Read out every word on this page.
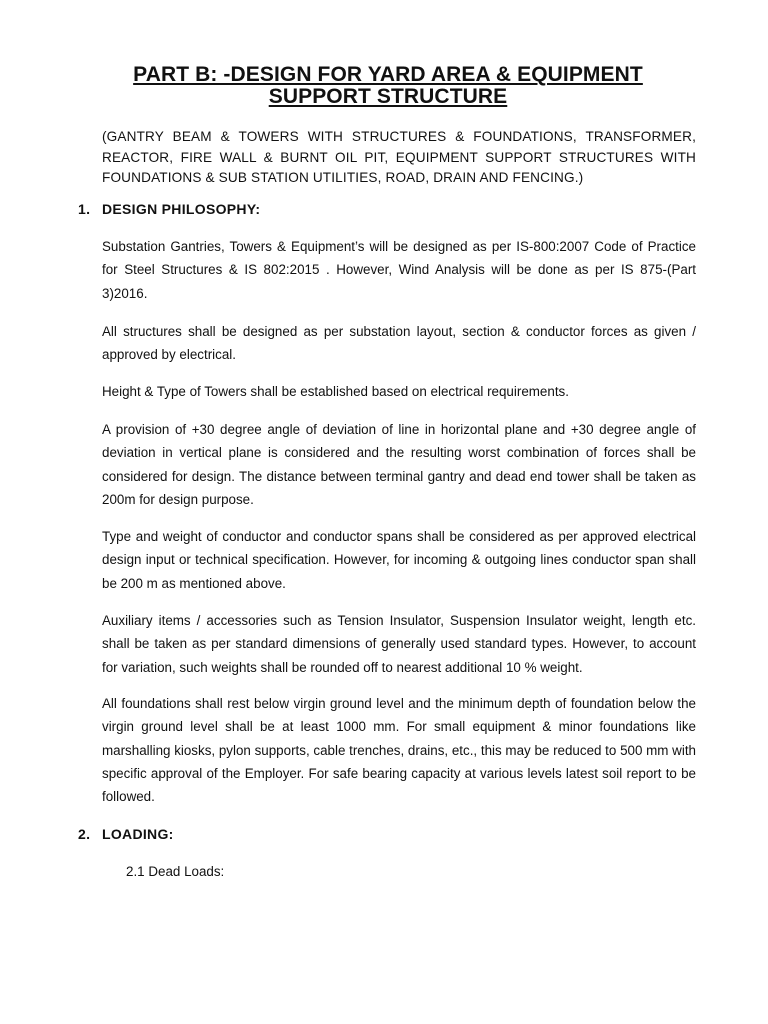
PART B: -DESIGN FOR YARD AREA & EQUIPMENT
SUPPORT STRUCTURE
(GANTRY BEAM & TOWERS WITH STRUCTURES & FOUNDATIONS, TRANSFORMER, REACTOR, FIRE WALL & BURNT OIL PIT, EQUIPMENT SUPPORT STRUCTURES WITH FOUNDATIONS & SUB STATION UTILITIES, ROAD, DRAIN AND FENCING.)
1. DESIGN PHILOSOPHY:
Substation Gantries, Towers & Equipment’s will be designed as per IS-800:2007 Code of Practice for Steel Structures & IS 802:2015 . However, Wind Analysis will be done as per IS 875-(Part 3)2016.
All structures shall be designed as per substation layout, section & conductor forces as given / approved by electrical.
Height & Type of Towers shall be established based on electrical requirements.
A provision of +30 degree angle of deviation of line in horizontal plane and +30 degree angle of deviation in vertical plane is considered and the resulting worst combination of forces shall be considered for design. The distance between terminal gantry and dead end tower shall be taken as 200m for design purpose.
Type and weight of conductor and conductor spans shall be considered as per approved electrical design input or technical specification. However, for incoming & outgoing lines conductor span shall be 200 m as mentioned above.
Auxiliary items / accessories such as Tension Insulator, Suspension Insulator weight, length etc. shall be taken as per standard dimensions of generally used standard types. However, to account for variation, such weights shall be rounded off to nearest additional 10 % weight.
All foundations shall rest below virgin ground level and the minimum depth of foundation below the virgin ground level shall be at least 1000 mm. For small equipment & minor foundations like marshalling kiosks, pylon supports, cable trenches, drains, etc., this may be reduced to 500 mm with specific approval of the Employer. For safe bearing capacity at various levels latest soil report to be followed.
2. LOADING:
2.1 Dead Loads:
